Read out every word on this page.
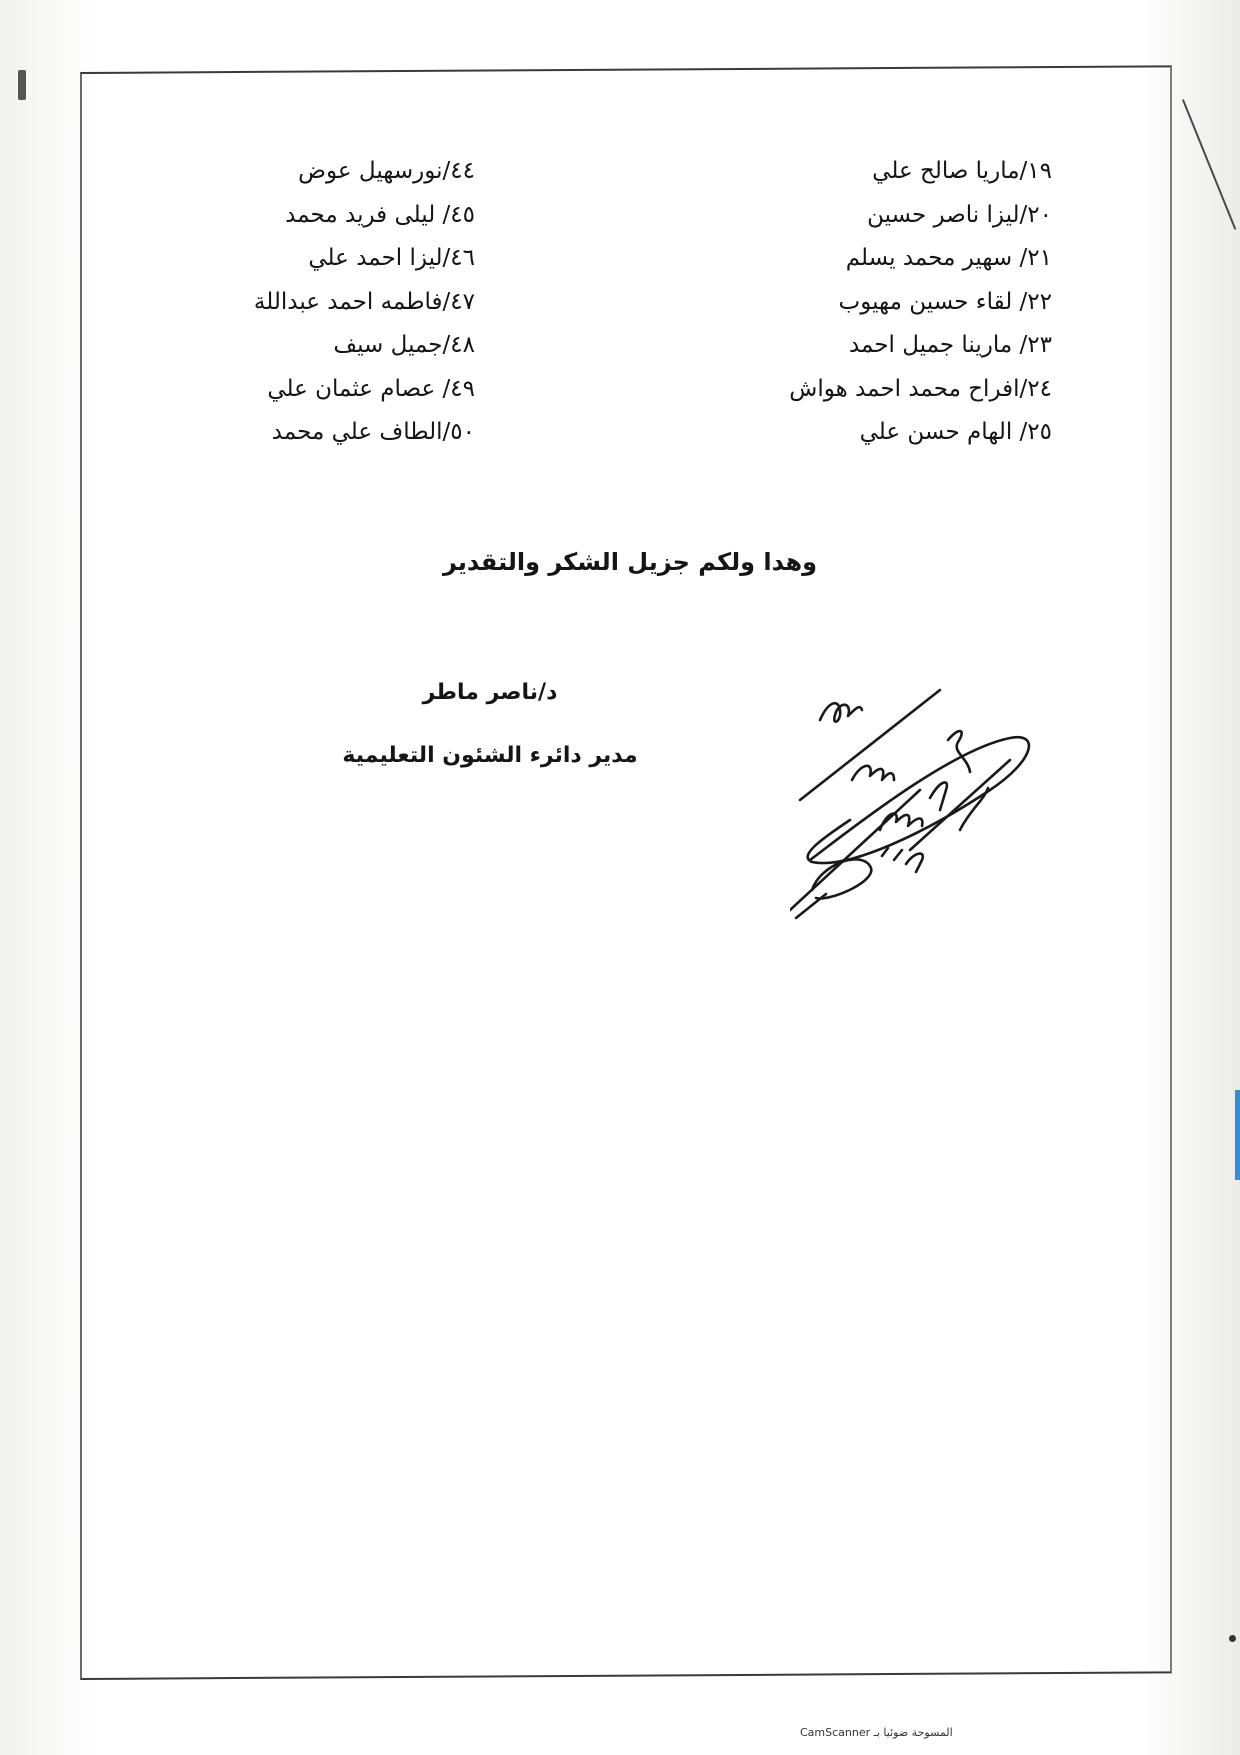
١٩/ماريا صالح علي
٢٠/ليزا ناصر حسين
٢١/ سهير محمد يسلم
٢٢/ لقاء حسين مهيوب
٢٣/ مارينا جميل احمد
٢٤/افراح محمد احمد هواش
٢٥/ الهام حسن علي
٤٤/نورسهيل عوض
٤٥/ ليلى فريد محمد
٤٦/ليزا احمد علي
٤٧/فاطمه احمد عبداللة
٤٨/جميل سيف
٤٩/ عصام عثمان علي
٥٠/الطاف علي محمد
وهدا ولكم جزيل الشكر والتقدير
د/ناصر ماطر
مدير دائرء الشئون التعليمية
المسوحة ضوئيا بـ CamScanner
